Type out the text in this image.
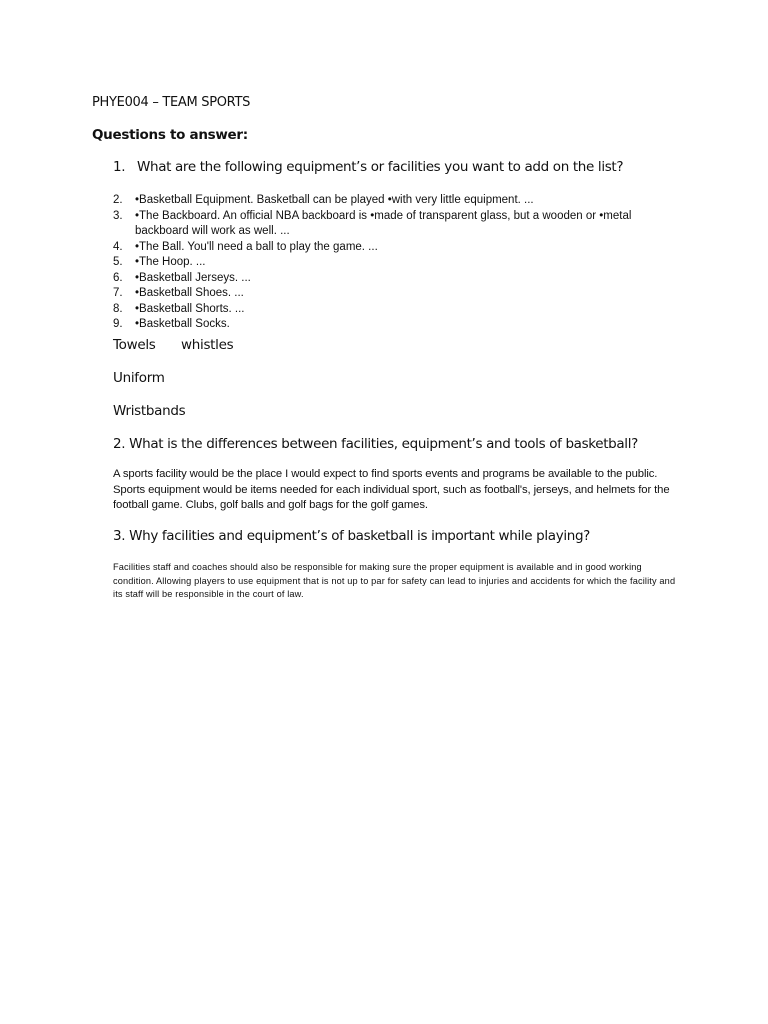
PHYE004 – TEAM SPORTS
Questions to answer:
1. What are the following equipment’s or facilities you want to add on the list?
2.	•Basketball Equipment. Basketball can be played •with very little equipment. ...
3.	•The Backboard. An official NBA backboard is •made of transparent glass, but a wooden or •metal backboard will work as well. ...
4.	•The Ball. You'll need a ball to play the game. ...
5.	•The Hoop. ...
6.	•Basketball Jerseys. ...
7.	•Basketball Shoes. ...
8.	•Basketball Shorts. ...
9.	•Basketball Socks.
Towels whistles
Uniform
Wristbands
2. What is the differences between facilities, equipment’s and tools of basketball?
A sports facility would be the place I would expect to find sports events and programs be available to the public. Sports equipment would be items needed for each individual sport, such as football's, jerseys, and helmets for the football game. Clubs, golf balls and golf bags for the golf games.
3. Why facilities and equipment’s of basketball is important while playing?
Facilities staff and coaches should also be responsible for making sure the proper equipment is available and in good working condition. Allowing players to use equipment that is not up to par for safety can lead to injuries and accidents for which the facility and its staff will be responsible in the court of law.
